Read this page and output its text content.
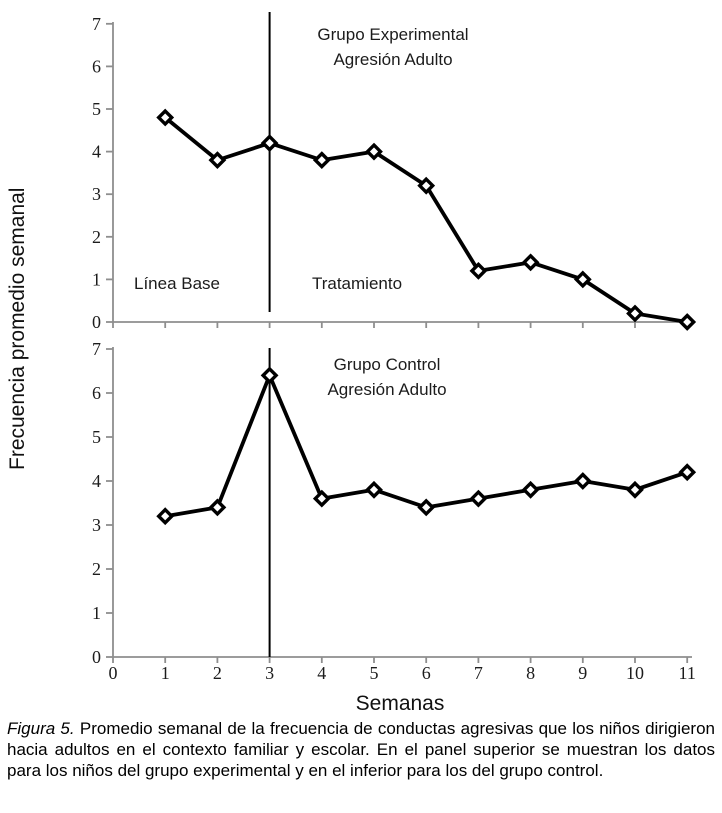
0
1
2
3
4
5
6
7
0
1
2
3
4
5
6
7
0 1 2 3 4 5 6 7 8 9 10 11
Grupo Experimental
Agresión Adulto
Línea Base	Tratamiento
Grupo Control
Agresión Adulto
Frecuencia promedio semanal
Semanas
Figura 5. Promedio semanal de la frecuencia de conductas agresivas que los niños dirigieron hacia adultos en el contexto familiar y escolar. En el panel superior se muestran los datos para los niños del grupo experimental y en el inferior para los del grupo control.
